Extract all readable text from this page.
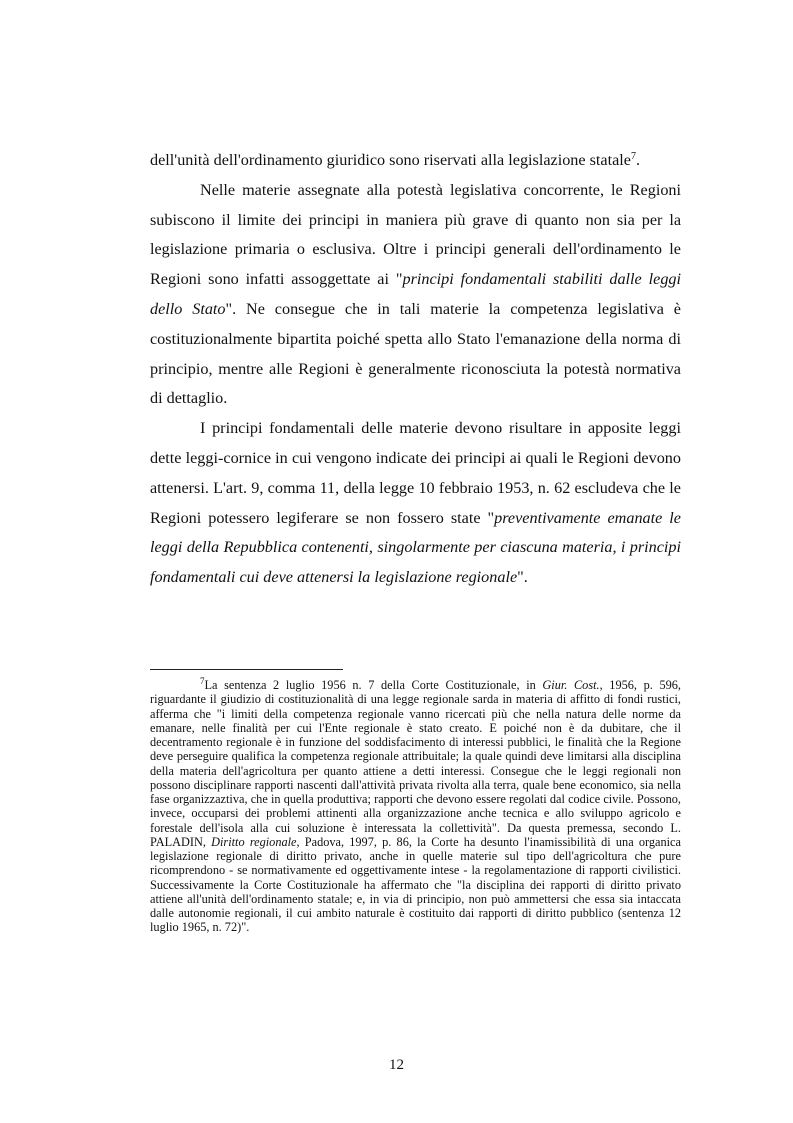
dell'unità dell'ordinamento giuridico sono riservati alla legislazione statale$^7$.

Nelle materie assegnate alla potestà legislativa concorrente, le Regioni subiscono il limite dei principi in maniera più grave di quanto non sia per la legislazione primaria o esclusiva. Oltre i principi generali dell'ordinamento le Regioni sono infatti assoggettate ai "principi fondamentali stabiliti dalle leggi dello Stato". Ne consegue che in tali materie la competenza legislativa è costituzionalmente bipartita poiché spetta allo Stato l'emanazione della norma di principio, mentre alle Regioni è generalmente riconosciuta la potestà normativa di dettaglio.

I principi fondamentali delle materie devono risultare in apposite leggi dette leggi-cornice in cui vengono indicate dei principi ai quali le Regioni devono attenersi. L'art. 9, comma 11, della legge 10 febbraio 1953, n. 62 escludeva che le Regioni potessero legiferare se non fossero state "preventivamente emanate le leggi della Repubblica contenenti, singolarmente per ciascuna materia, i principi fondamentali cui deve attenersi la legislazione regionale".

$^7$La sentenza 2 luglio 1956 n. 7 della Corte Costituzionale, in Giur. Cost., 1956, p. 596, riguardante il giudizio di costituzionalità di una legge regionale sarda in materia di affitto di fondi rustici, afferma che "i limiti della competenza regionale vanno ricercati più che nella natura delle norme da emanare, nelle finalità per cui l'Ente regionale è stato creato. E poiché non è da dubitare, che il decentramento regionale è in funzione del soddisfacimento di interessi pubblici, le finalità che la Regione deve perseguire qualifica la competenza regionale attribuitale; la quale quindi deve limitarsi alla disciplina della materia dell'agricoltura per quanto attiene a detti interessi. Consegue che le leggi regionali non possono disciplinare rapporti nascenti dall'attività privata rivolta alla terra, quale bene economico, sia nella fase organizzaztiva, che in quella produttiva; rapporti che devono essere regolati dal codice civile. Possono, invece, occuparsi dei problemi attinenti alla organizzazione anche tecnica e allo sviluppo agricolo e forestale dell'isola alla cui soluzione è interessata la collettività". Da questa premessa, secondo L. PALADIN, Diritto regionale, Padova, 1997, p. 86, la Corte ha desunto l'inamissibilità di una organica legislazione regionale di diritto privato, anche in quelle materie sul tipo dell'agricoltura che pure ricomprendono - se normativamente ed oggettivamente intese - la regolamentazione di rapporti civilistici. Successivamente la Corte Costituzionale ha affermato che "la disciplina dei rapporti di diritto privato attiene all'unità dell'ordinamento statale; e, in via di principio, non può ammettersi che essa sia intaccata dalle autonomie regionali, il cui ambito naturale è costituito dai rapporti di diritto pubblico (sentenza 12 luglio 1965, n. 72)".

12
